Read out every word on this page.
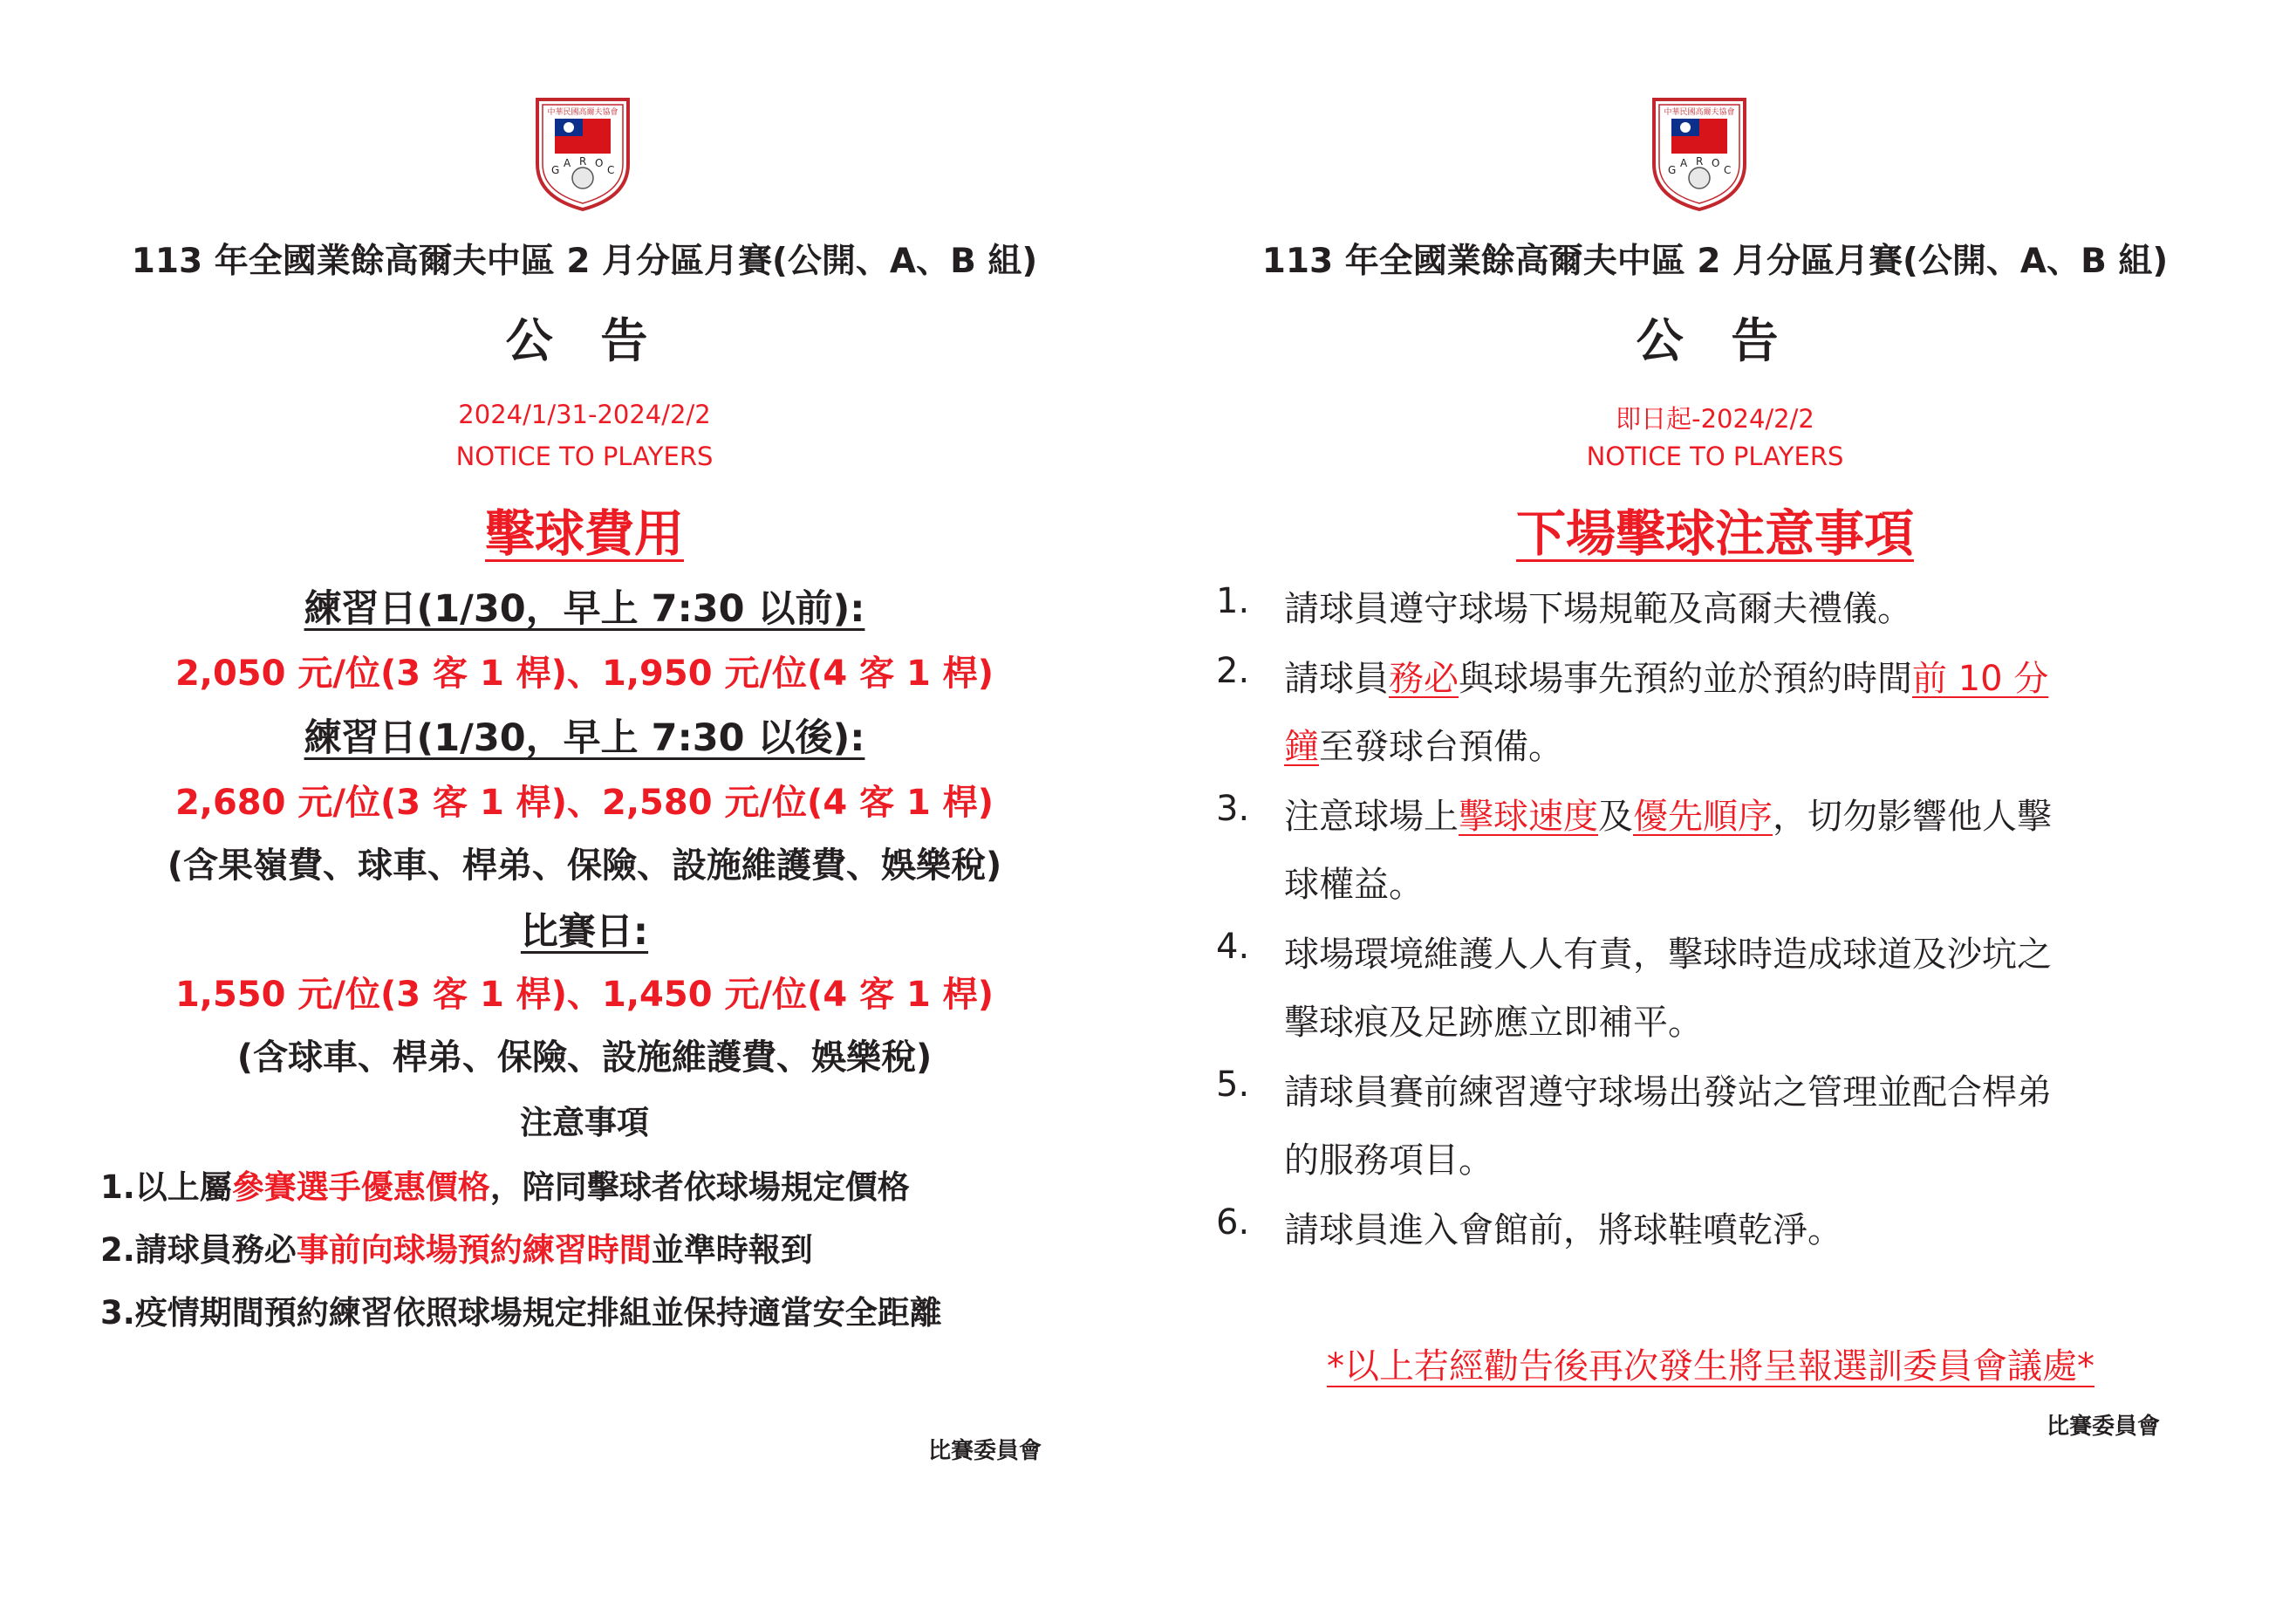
中華民國高爾夫協會
G
A R O
C
113 年全國業餘高爾夫中區 2 月分區月賽(公開、A、B 組)
公 告
2024/1/31-2024/2/2
NOTICE TO PLAYERS
擊球費用
練習日(1/30，早上 7:30 以前):
2,050 元/位(3 客 1 桿)、1,950 元/位(4 客 1 桿)
練習日(1/30，早上 7:30 以後):
2,680 元/位(3 客 1 桿)、2,580 元/位(4 客 1 桿)
(含果嶺費、球車、桿弟、保險、設施維護費、娛樂稅)
比賽日:
1,550 元/位(3 客 1 桿)、1,450 元/位(4 客 1 桿)
(含球車、桿弟、保險、設施維護費、娛樂稅)
注意事項
1.以上屬參賽選手優惠價格，陪同擊球者依球場規定價格
2.請球員務必事前向球場預約練習時間並準時報到
3.疫情期間預約練習依照球場規定排組並保持適當安全距離
比賽委員會
中華民國高爾夫協會
G
A R O
C
113 年全國業餘高爾夫中區 2 月分區月賽(公開、A、B 組)
公 告
即日起-2024/2/2
NOTICE TO PLAYERS
下場擊球注意事項
1. 請球員遵守球場下場規範及高爾夫禮儀。
2. 請球員務必與球場事先預約並於預約時間前 10 分
鐘至發球台預備。
3. 注意球場上擊球速度及優先順序，切勿影響他人擊
球權益。
4. 球場環境維護人人有責，擊球時造成球道及沙坑之
擊球痕及足跡應立即補平。
5. 請球員賽前練習遵守球場出發站之管理並配合桿弟
的服務項目。
6. 請球員進入會館前，將球鞋噴乾淨。
*以上若經勸告後再次發生將呈報選訓委員會議處*
比賽委員會
